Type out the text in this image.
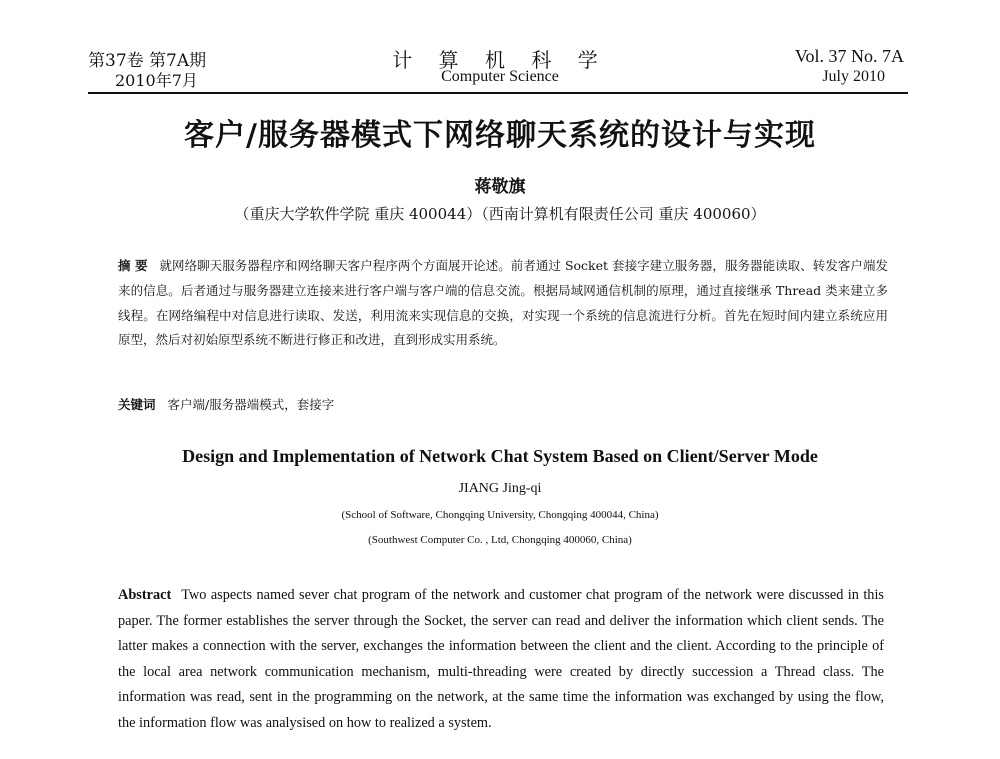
第37卷 第7A期
2010年7月
计 算 机 科 学
Computer Science
Vol. 37 No. 7A
July 2010
客户/服务器模式下网络聊天系统的设计与实现
蒋敬旗
（重庆大学软件学院 重庆 400044）（西南计算机有限责任公司 重庆 400060）
摘 要 就网络聊天服务器程序和网络聊天客户程序两个方面展开论述。前者通过 Socket 套接字建立服务器，服务器能读取、转发客户端发来的信息。后者通过与服务器建立连接来进行客户端与客户端的信息交流。根据局域网通信机制的原理，通过直接继承 Thread 类来建立多线程。在网络编程中对信息进行读取、发送，利用流来实现信息的交换，对实现一个系统的信息流进行分析。首先在短时间内建立系统应用原型，然后对初始原型系统不断进行修正和改进，直到形成实用系统。
关键词 客户端/服务器端模式，套接字
Design and Implementation of Network Chat System Based on Client/Server Mode
JIANG Jing-qi
(School of Software, Chongqing University, Chongqing 400044, China)
(Southwest Computer Co. , Ltd, Chongqing 400060, China)
Abstract Two aspects named sever chat program of the network and customer chat program of the network were discussed in this paper. The former establishes the server through the Socket, the server can read and deliver the information which client sends. The latter makes a connection with the server, exchanges the information between the client and the client. According to the principle of the local area network communication mechanism, multi-threading were created by directly succession a Thread class. The information was read, sent in the programming on the network, at the same time the information was exchanged by using the flow, the information flow was analysised on how to realized a system.
